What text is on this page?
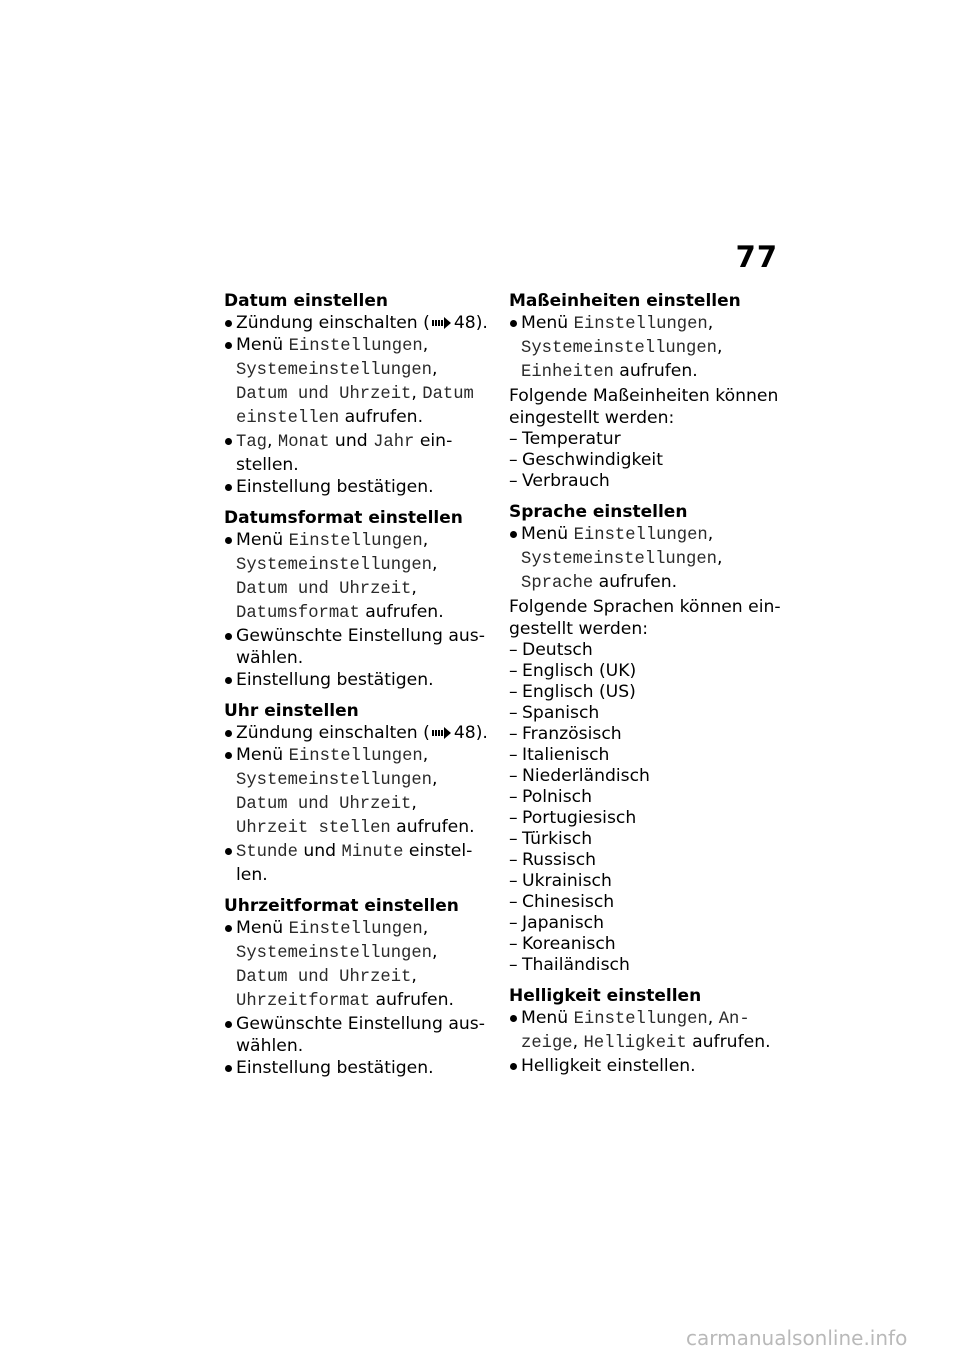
77
Datum einstellen
Zündung einschalten ( 48).
Menü Einstellungen,
Systemeinstellungen,
Datum und Uhrzeit, Datum einstellen aufrufen.
Tag, Monat und Jahr einstellen.
Einstellung bestätigen.
Datumsformat einstellen
Menü Einstellungen,
Systemeinstellungen,
Datum und Uhrzeit,
Datumsformat aufrufen.
Gewünschte Einstellung auswählen.
Einstellung bestätigen.
Uhr einstellen
Zündung einschalten ( 48).
Menü Einstellungen,
Systemeinstellungen,
Datum und Uhrzeit,
Uhrzeit stellen aufrufen.
Stunde und Minute einstellen.
Uhrzeitformat einstellen
Menü Einstellungen,
Systemeinstellungen,
Datum und Uhrzeit,
Uhrzeitformat aufrufen.
Gewünschte Einstellung auswählen.
Einstellung bestätigen.
Maßeinheiten einstellen
Menü Einstellungen,
Systemeinstellungen,
Einheiten aufrufen.
Folgende Maßeinheiten können eingestellt werden:
– Temperatur
– Geschwindigkeit
– Verbrauch
Sprache einstellen
Menü Einstellungen,
Systemeinstellungen,
Sprache aufrufen.
Folgende Sprachen können eingestellt werden:
– Deutsch
– Englisch (UK)
– Englisch (US)
– Spanisch
– Französisch
– Italienisch
– Niederländisch
– Polnisch
– Portugiesisch
– Türkisch
– Russisch
– Ukrainisch
– Chinesisch
– Japanisch
– Koreanisch
– Thailändisch
Helligkeit einstellen
Menü Einstellungen, Anzeige, Helligkeit aufrufen.
Helligkeit einstellen.
carmanualsonline.info
